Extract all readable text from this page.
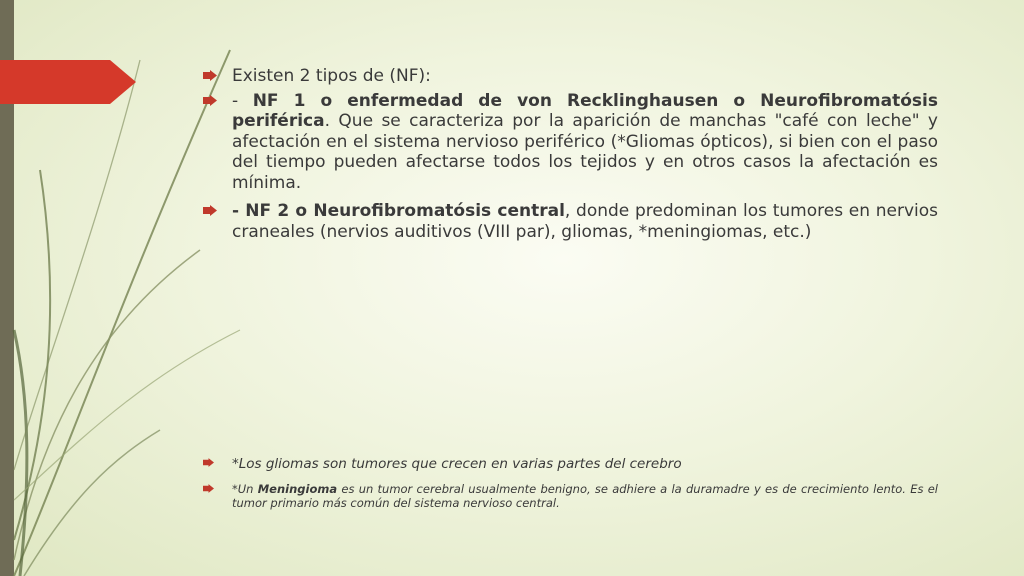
Existen 2 tipos de (NF):
- NF 1 o enfermedad de von Recklinghausen o Neurofibromatósis periférica. Que se caracteriza por la aparición de manchas "café con leche" y afectación en el sistema nervioso periférico (*Gliomas ópticos), si bien con el paso del tiempo pueden afectarse todos los tejidos y en otros casos la afectación es mínima.
- NF 2 o Neurofibromatósis central, donde predominan los tumores en nervios craneales (nervios auditivos (VIII par), gliomas, *meningiomas, etc.)
*Los gliomas son tumores que crecen en varias partes del cerebro
*Un Meningioma es un tumor cerebral usualmente benigno, se adhiere a la duramadre y es de crecimiento lento. Es el tumor primario más común del sistema nervioso central.
